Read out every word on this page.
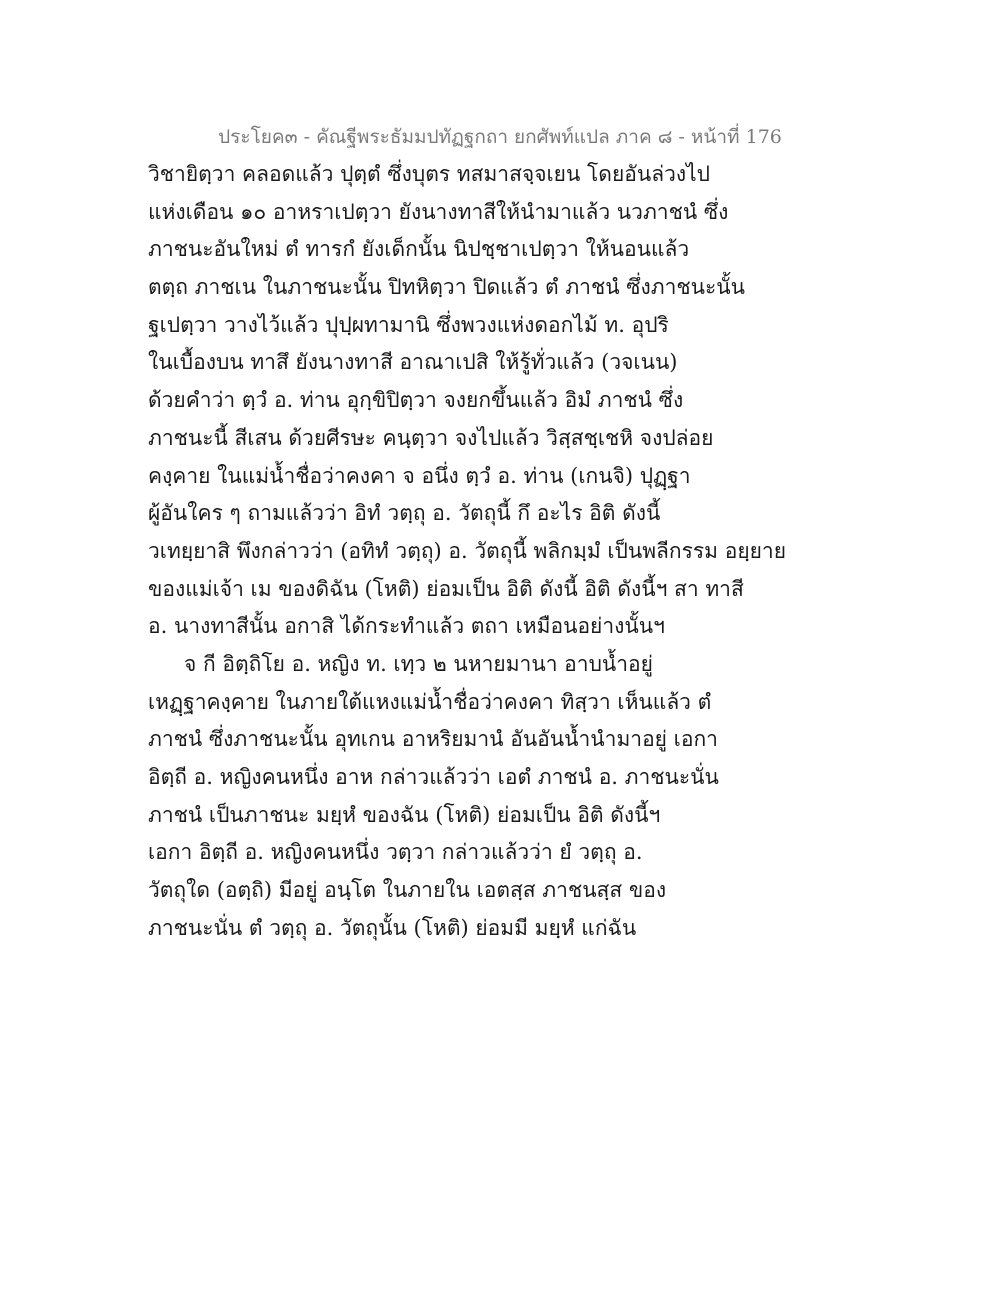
ประโยค๓ - คัณฐีพระธัมมปทัฏฐกถา ยกศัพท์แปล ภาค ๘ - หน้าที่ 176
วิชายิตฺวา คลอดแล้ว ปุตฺตํ ซึ่งบุตร ทสมาสจฺจเยน โดยอันล่วงไป
แห่งเดือน ๑๐ อาหราเปตฺวา ยังนางทาสีให้นำมาแล้ว นวภาชนํ ซึ่ง
ภาชนะอันใหม่ ตํ ทารกํ ยังเด็กนั้น นิปชฺชาเปตฺวา ให้นอนแล้ว
ตตฺถ ภาชเน ในภาชนะนั้น ปิทหิตฺวา ปิดแล้ว ตํ ภาชนํ ซึ่งภาชนะนั้น
ฐเปตฺวา วางไว้แล้ว ปุปฺผทามานิ ซึ่งพวงแห่งดอกไม้ ท. อุปริ
ในเบื้องบน ทาสึ ยังนางทาสี อาณาเปสิ ให้รู้ทั่วแล้ว (วจเนน)
ด้วยคำว่า ตฺวํ อ. ท่าน อุกฺขิปิตฺวา จงยกขึ้นแล้ว อิมํ ภาชนํ ซึ่ง
ภาชนะนี้ สีเสน ด้วยศีรษะ คนฺตฺวา จงไปแล้ว วิสฺสชฺเชหิ จงปล่อย
คงฺคาย ในแม่น้ำชื่อว่าคงคา จ อนึ่ง ตฺวํ อ. ท่าน (เกนจิ) ปุฏฺฐา
ผู้อันใคร ๆ ถามแล้วว่า อิทํ วตฺถุ อ. วัตถุนี้ กึ อะไร อิติ ดังนี้
วเทยฺยาสิ พึงกล่าวว่า (อทิทํ วตฺถุ) อ. วัตถุนี้ พลิกมฺมํ เป็นพลีกรรม อยฺยาย
ของแม่เจ้า เม ของดิฉัน (โหติ) ย่อมเป็น อิติ ดังนี้ อิติ ดังนี้ฯ สา ทาสี
อ. นางทาสีนั้น อกาสิ ได้กระทำแล้ว ตถา เหมือนอย่างนั้นฯ
จ กี อิตฺถิโย อ. หญิง ท. เทฺว ๒ นหายมานา อาบน้ำอยู่
เหฏฺฐาคงฺคาย ในภายใต้แหงแม่น้ำชื่อว่าคงคา ทิสฺวา เห็นแล้ว ตํ
ภาชนํ ซึ่งภาชนะนั้น อุทเกน อาหริยมานํ อันอันน้ำนำมาอยู่ เอกา
อิตฺถี อ. หญิงคนหนึ่ง อาห กล่าวแล้วว่า เอตํ ภาชนํ อ. ภาชนะนั่น
ภาชนํ เป็นภาชนะ มยฺหํ ของฉัน (โหติ) ย่อมเป็น อิติ ดังนี้ฯ
เอกา อิตฺถี อ. หญิงคนหนึ่ง วตฺวา กล่าวแล้วว่า ยํ วตฺถุ อ.
วัตถุใด (อตฺถิ) มีอยู่ อนฺโต ในภายใน เอตสฺส ภาชนสฺส ของ
ภาชนะนั่น ตํ วตฺถุ อ. วัตถุนั้น (โหติ) ย่อมมี มยฺหํ แก่ฉัน
